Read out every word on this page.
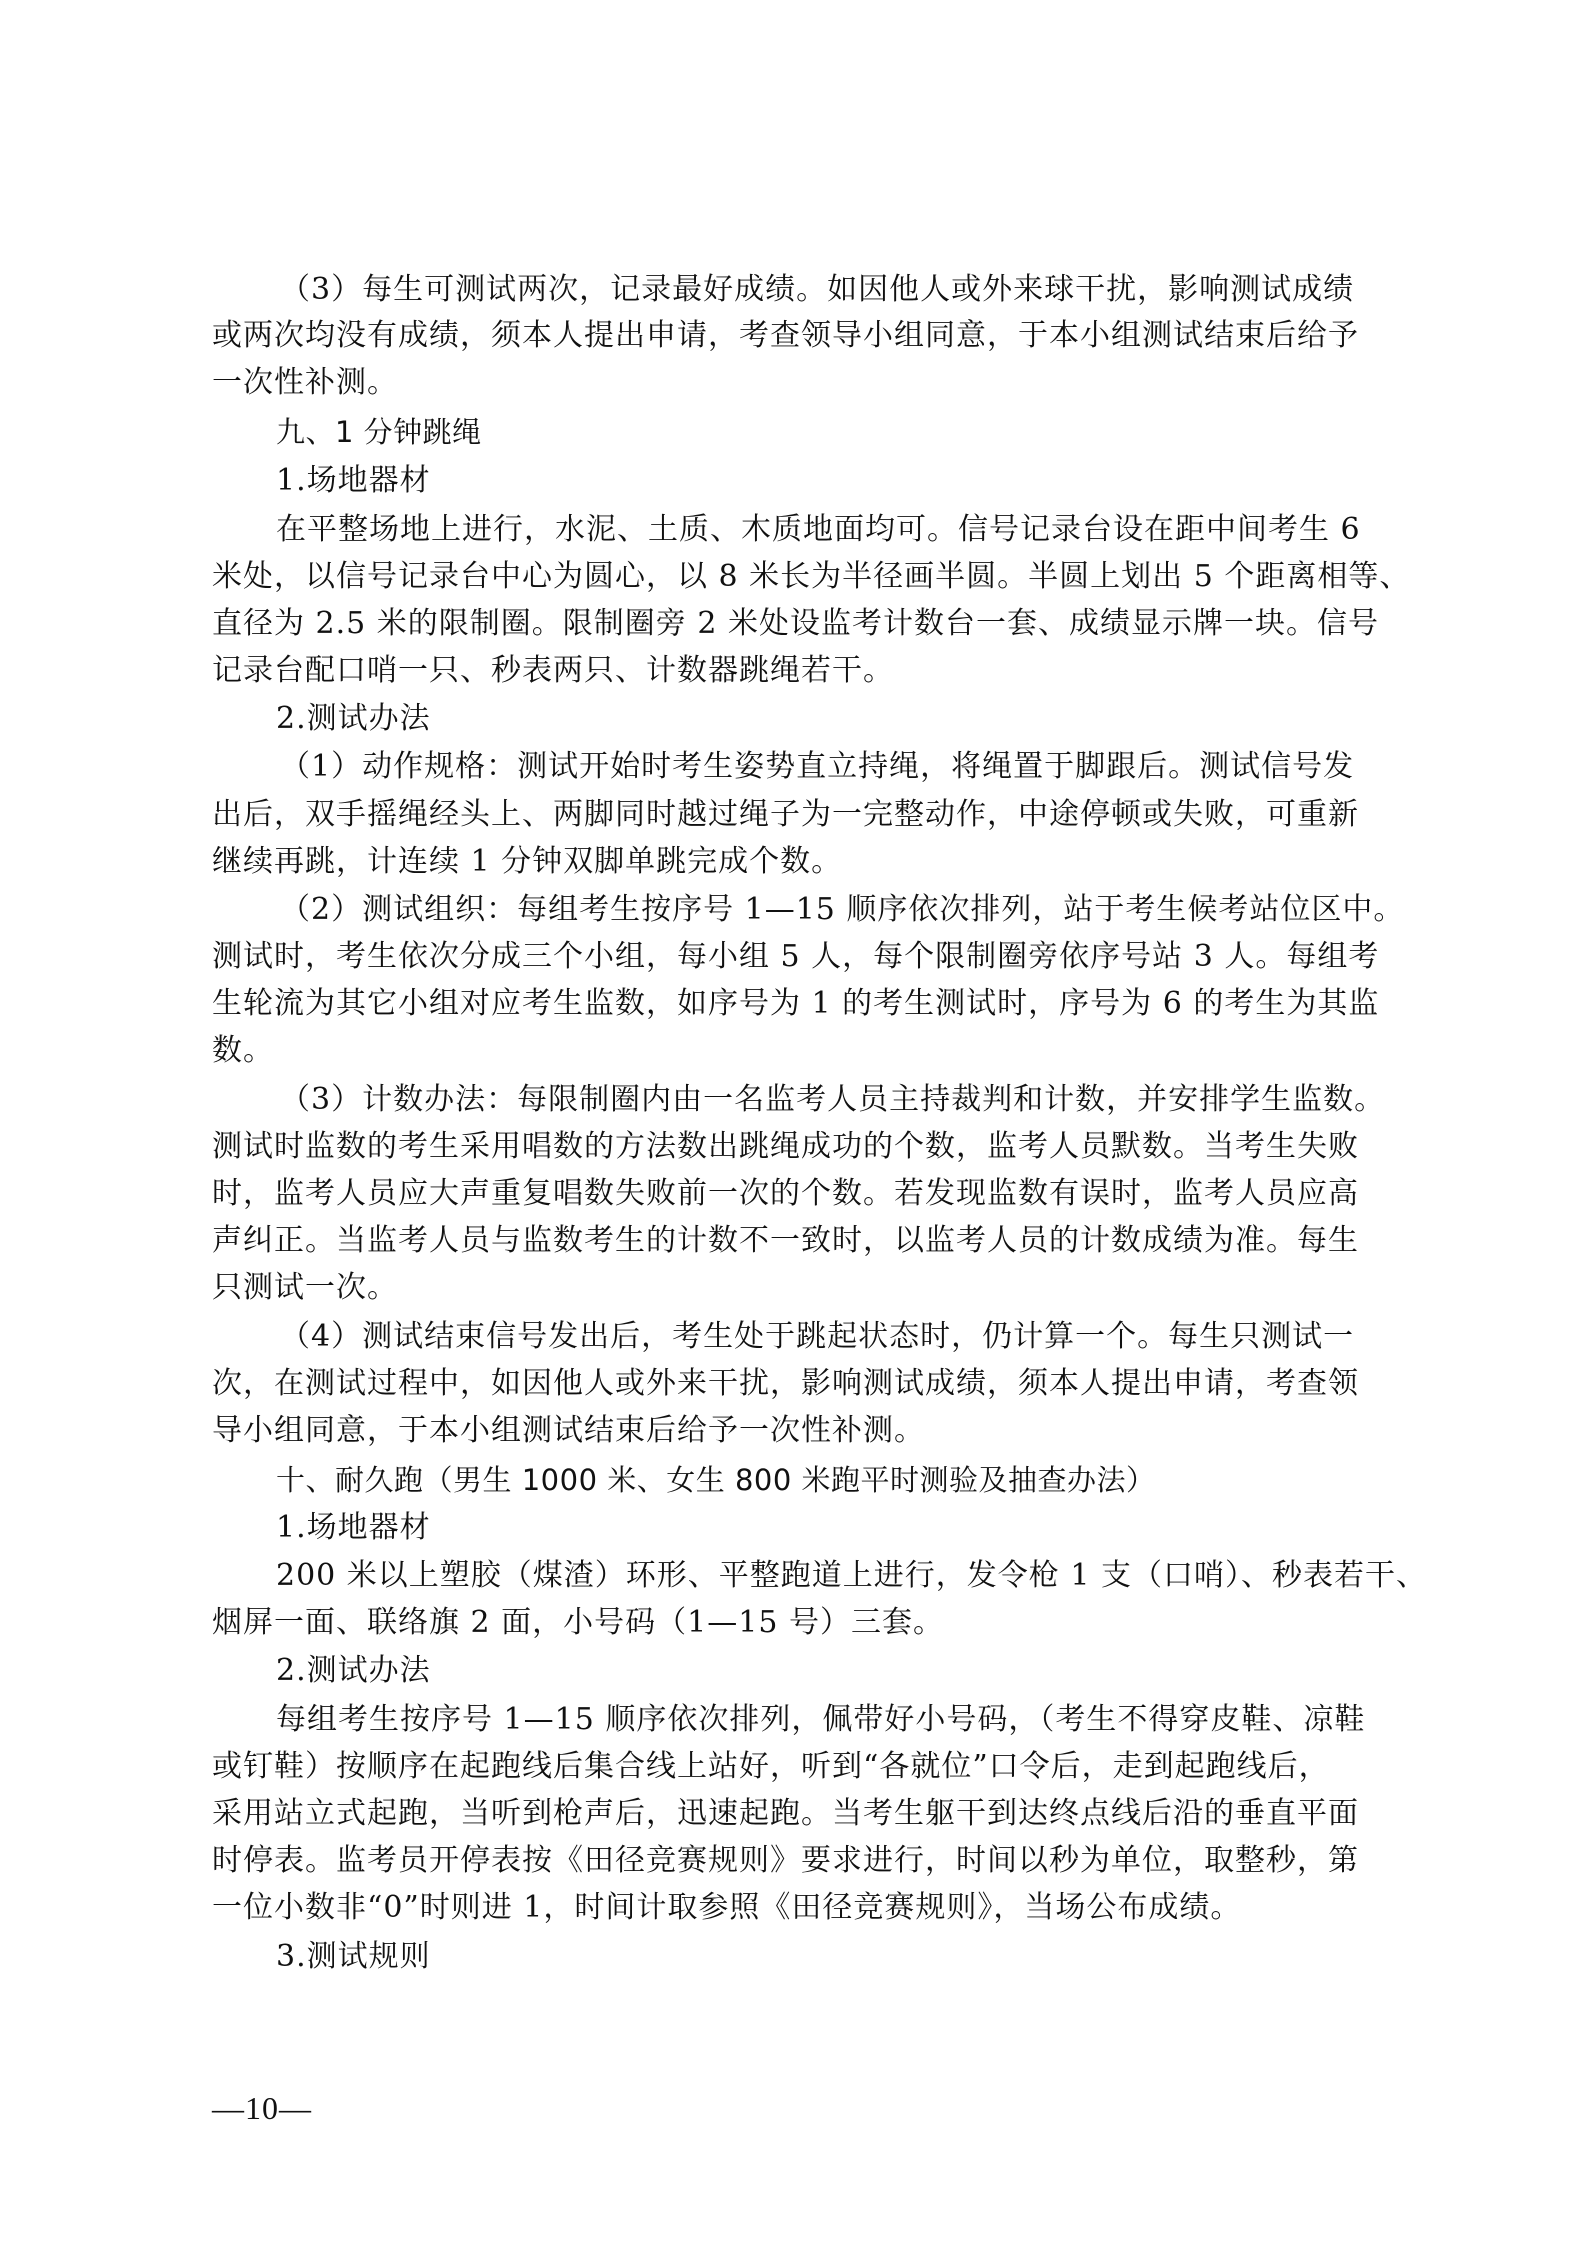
（3）每生可测试两次，记录最好成绩。如因他人或外来球干扰，影响测试成绩
或两次均没有成绩，须本人提出申请，考查领导小组同意，于本小组测试结束后给予
一次性补测。
九、1 分钟跳绳
1.场地器材
在平整场地上进行，水泥、土质、木质地面均可。信号记录台设在距中间考生 6
米处，以信号记录台中心为圆心，以 8 米长为半径画半圆。半圆上划出 5 个距离相等、
直径为 2.5 米的限制圈。限制圈旁 2 米处设监考计数台一套、成绩显示牌一块。信号
记录台配口哨一只、秒表两只、计数器跳绳若干。
2.测试办法
（1）动作规格：测试开始时考生姿势直立持绳，将绳置于脚跟后。测试信号发
出后，双手摇绳经头上、两脚同时越过绳子为一完整动作，中途停顿或失败，可重新
继续再跳，计连续 1 分钟双脚单跳完成个数。
（2）测试组织：每组考生按序号 1—15 顺序依次排列，站于考生候考站位区中。
测试时，考生依次分成三个小组，每小组 5 人，每个限制圈旁依序号站 3 人。每组考
生轮流为其它小组对应考生监数，如序号为 1 的考生测试时，序号为 6 的考生为其监
数。
（3）计数办法：每限制圈内由一名监考人员主持裁判和计数，并安排学生监数。
测试时监数的考生采用唱数的方法数出跳绳成功的个数，监考人员默数。当考生失败
时，监考人员应大声重复唱数失败前一次的个数。若发现监数有误时，监考人员应高
声纠正。当监考人员与监数考生的计数不一致时，以监考人员的计数成绩为准。每生
只测试一次。
（4）测试结束信号发出后，考生处于跳起状态时，仍计算一个。每生只测试一
次，在测试过程中，如因他人或外来干扰，影响测试成绩，须本人提出申请，考查领
导小组同意，于本小组测试结束后给予一次性补测。
十、耐久跑（男生 1000 米、女生 800 米跑平时测验及抽查办法）
1.场地器材
200 米以上塑胶（煤渣）环形、平整跑道上进行，发令枪 1 支（口哨）、秒表若干、
烟屏一面、联络旗 2 面，小号码（1—15 号）三套。
2.测试办法
每组考生按序号 1—15 顺序依次排列，佩带好小号码，（考生不得穿皮鞋、凉鞋
或钉鞋）按顺序在起跑线后集合线上站好，听到“各就位”口令后，走到起跑线后，
采用站立式起跑，当听到枪声后，迅速起跑。当考生躯干到达终点线后沿的垂直平面
时停表。监考员开停表按《田径竞赛规则》要求进行，时间以秒为单位，取整秒，第
一位小数非“0”时则进 1，时间计取参照《田径竞赛规则》，当场公布成绩。
3.测试规则
—10—
